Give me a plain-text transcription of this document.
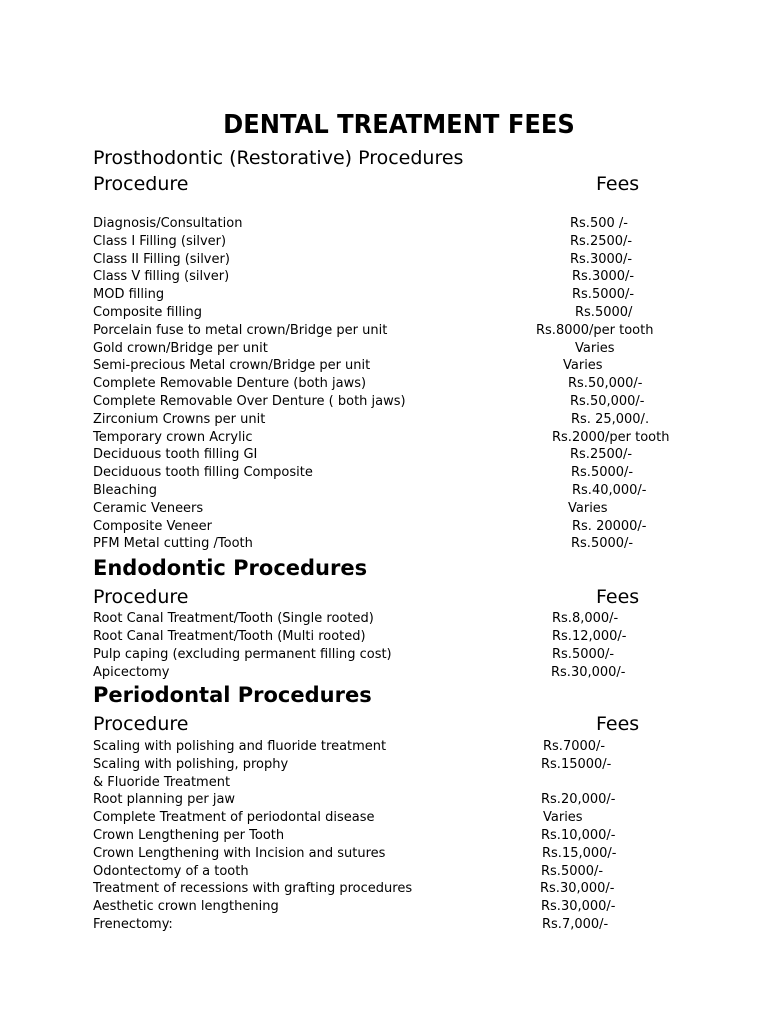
DENTAL TREATMENT FEES
Prosthodontic (Restorative) Procedures
Procedure	Fees
Diagnosis/Consultation	Rs.500 /-
Class I Filling (silver)	Rs.2500/-
Class II Filling (silver)	Rs.3000/-
Class V filling (silver)	Rs.3000/-
MOD filling	Rs.5000/-
Composite filling	Rs.5000/
Porcelain fuse to metal crown/Bridge per unit	Rs.8000/per tooth
Gold crown/Bridge per unit	Varies
Semi-precious Metal crown/Bridge per unit	Varies
Complete Removable Denture (both jaws)	Rs.50,000/-
Complete Removable Over Denture ( both jaws)	Rs.50,000/-
Zirconium Crowns per unit	Rs. 25,000/.
Temporary crown Acrylic	Rs.2000/per tooth
Deciduous tooth filling GI	Rs.2500/-
Deciduous tooth filling Composite	Rs.5000/-
Bleaching	Rs.40,000/-
Ceramic Veneers	Varies
Composite Veneer	Rs. 20000/-
PFM Metal cutting /Tooth	Rs.5000/-
Endodontic Procedures
Procedure	Fees
Root Canal Treatment/Tooth (Single rooted)	Rs.8,000/-
Root Canal Treatment/Tooth (Multi rooted)	Rs.12,000/-
Pulp caping (excluding permanent filling cost)	Rs.5000/-
Apicectomy	Rs.30,000/-
Periodontal Procedures
Procedure	Fees
Scaling with polishing and fluoride treatment	Rs.7000/-
Scaling with polishing, prophy	Rs.15000/-
& Fluoride Treatment
Root planning per jaw	Rs.20,000/-
Complete Treatment of periodontal disease	Varies
Crown Lengthening per Tooth	Rs.10,000/-
Crown Lengthening with Incision and sutures	Rs.15,000/-
Odontectomy of a tooth	Rs.5000/-
Treatment of recessions with grafting procedures	Rs.30,000/-
Aesthetic crown lengthening	Rs.30,000/-
Frenectomy:	Rs.7,000/-
